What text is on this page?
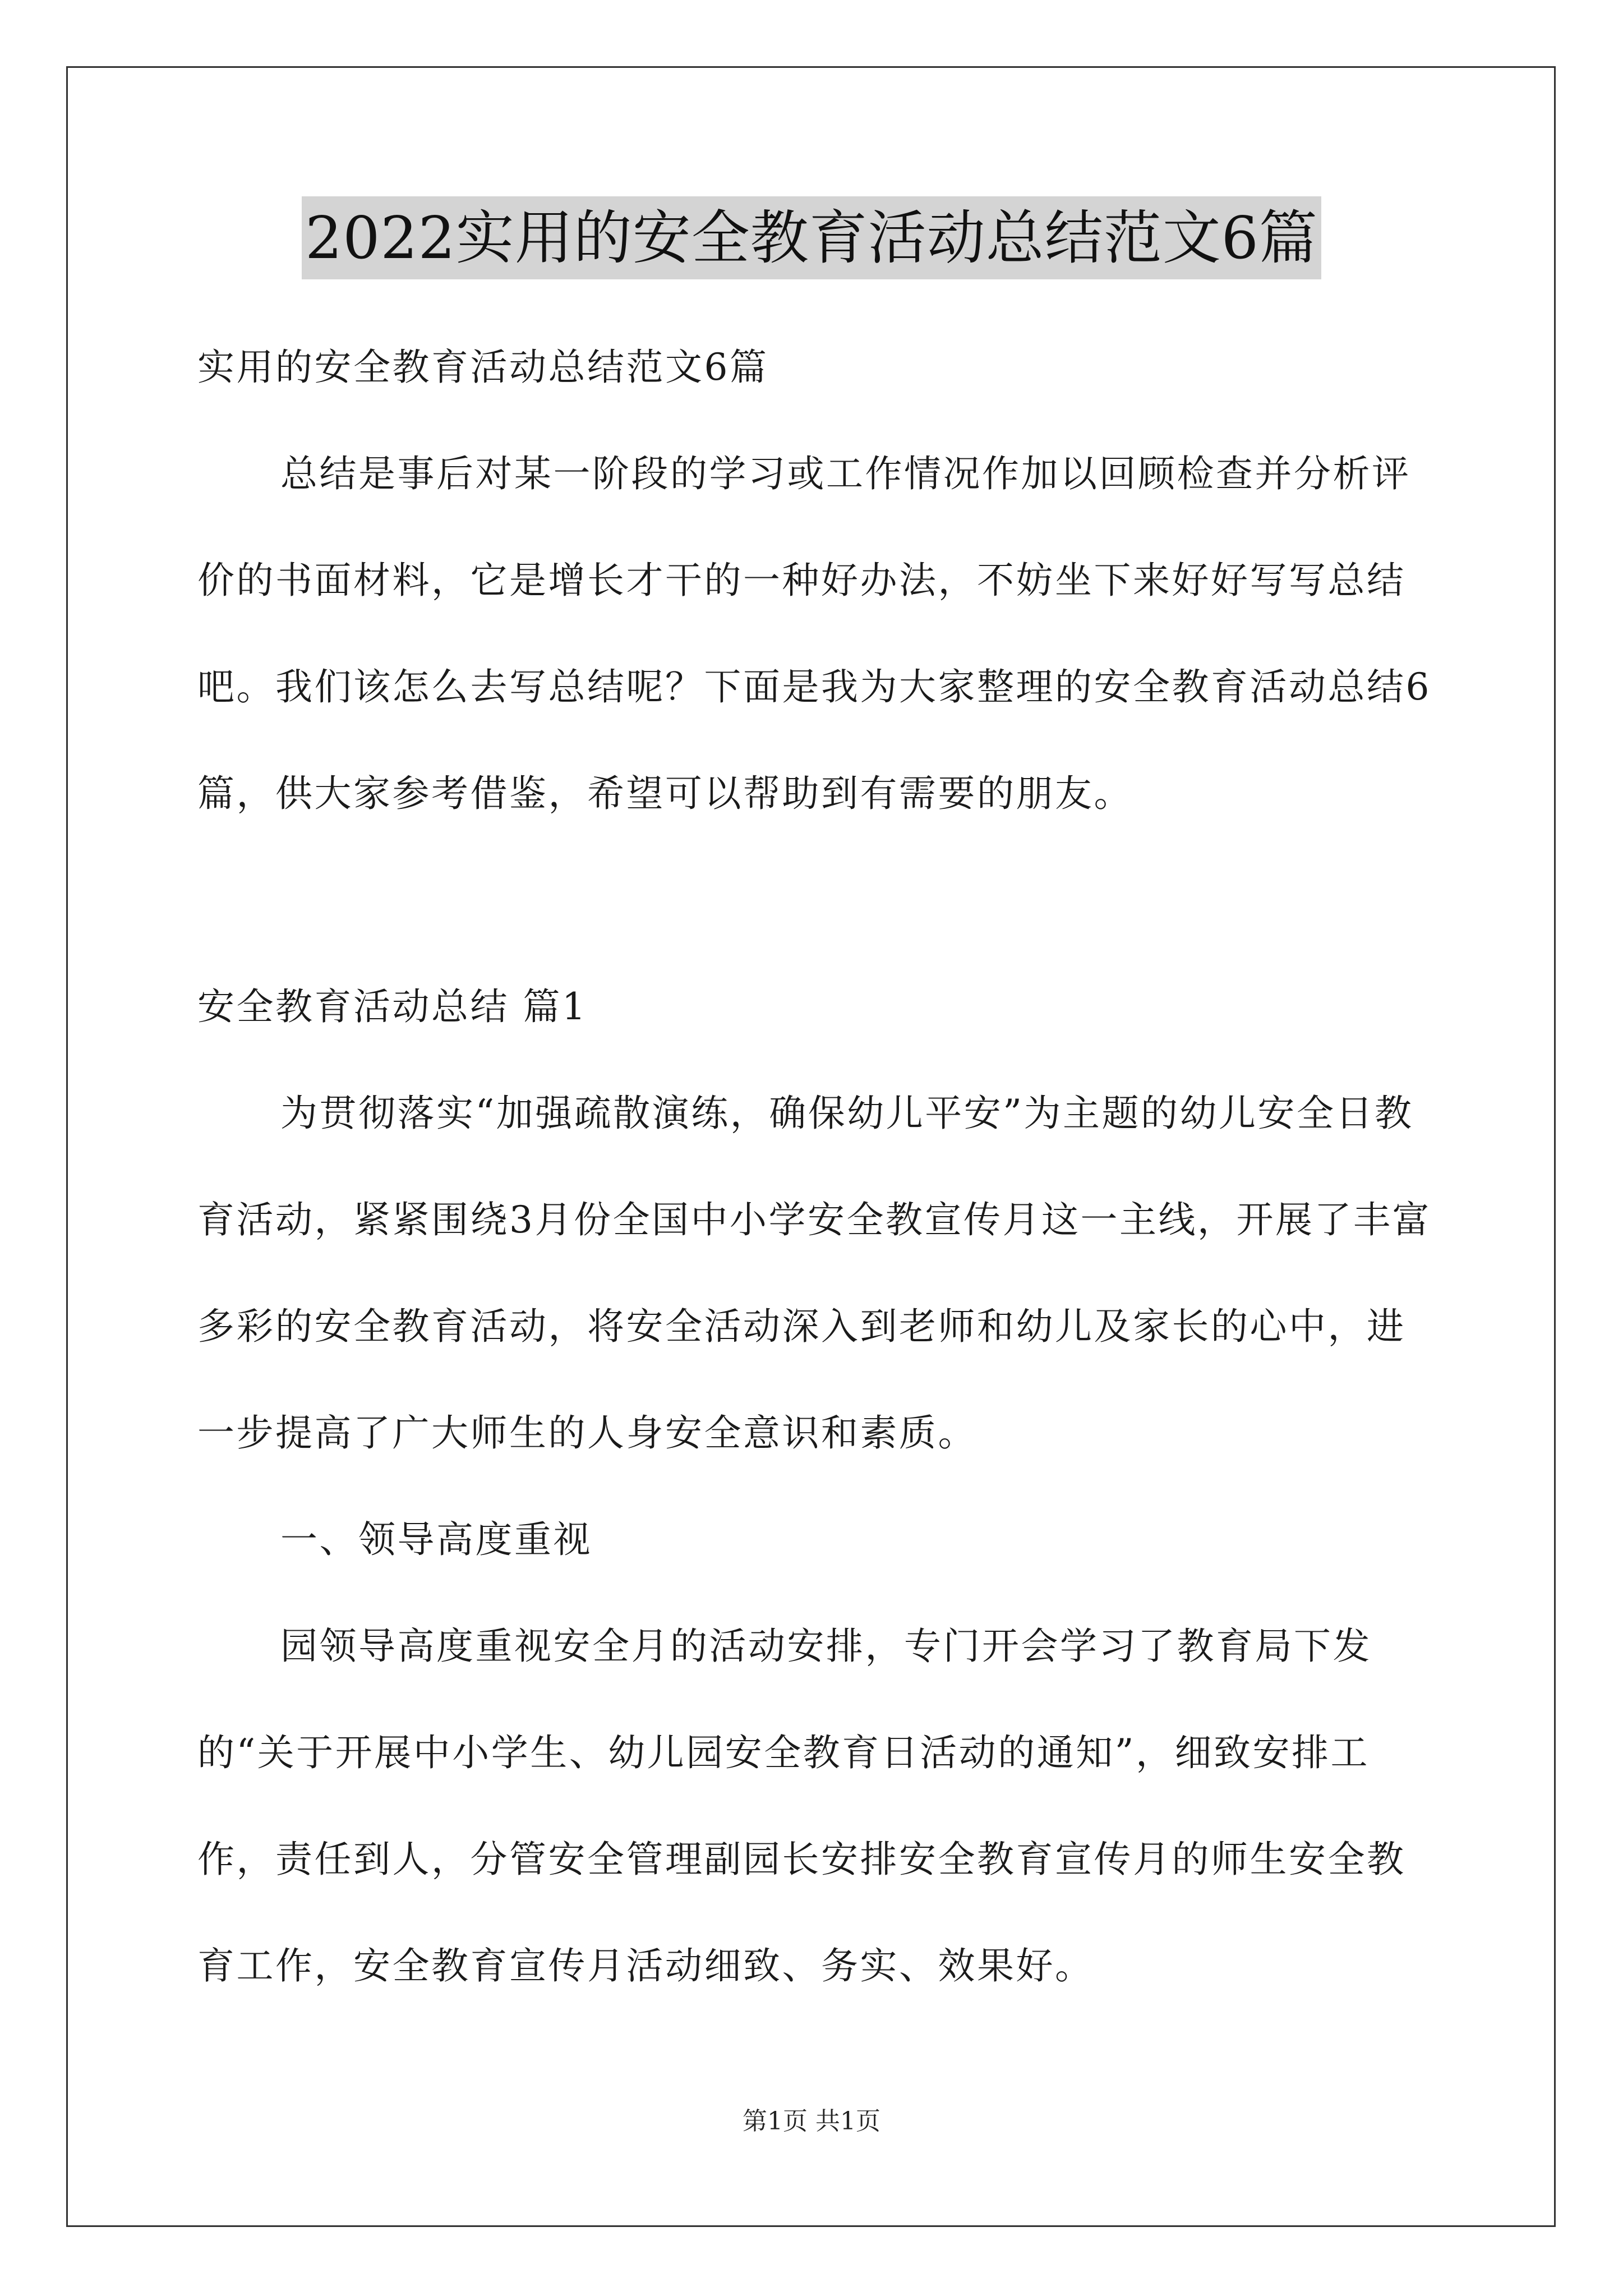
2022实用的安全教育活动总结范文6篇

实用的安全教育活动总结范文6篇

总结是事后对某一阶段的学习或工作情况作加以回顾检查并分析评价的书面材料，它是增长才干的一种好办法，不妨坐下来好好写写总结吧。我们该怎么去写总结呢？下面是我为大家整理的安全教育活动总结6篇，供大家参考借鉴，希望可以帮助到有需要的朋友。

安全教育活动总结 篇1

为贯彻落实“加强疏散演练，确保幼儿平安”为主题的幼儿安全日教育活动，紧紧围绕3月份全国中小学安全教宣传月这一主线，开展了丰富多彩的安全教育活动，将安全活动深入到老师和幼儿及家长的心中，进一步提高了广大师生的人身安全意识和素质。

一、领导高度重视

园领导高度重视安全月的活动安排，专门开会学习了教育局下发的“关于开展中小学生、幼儿园安全教育日活动的通知”，细致安排工作，责任到人，分管安全管理副园长安排安全教育宣传月的师生安全教育工作，安全教育宣传月活动细致、务实、效果好。

第1页 共1页
